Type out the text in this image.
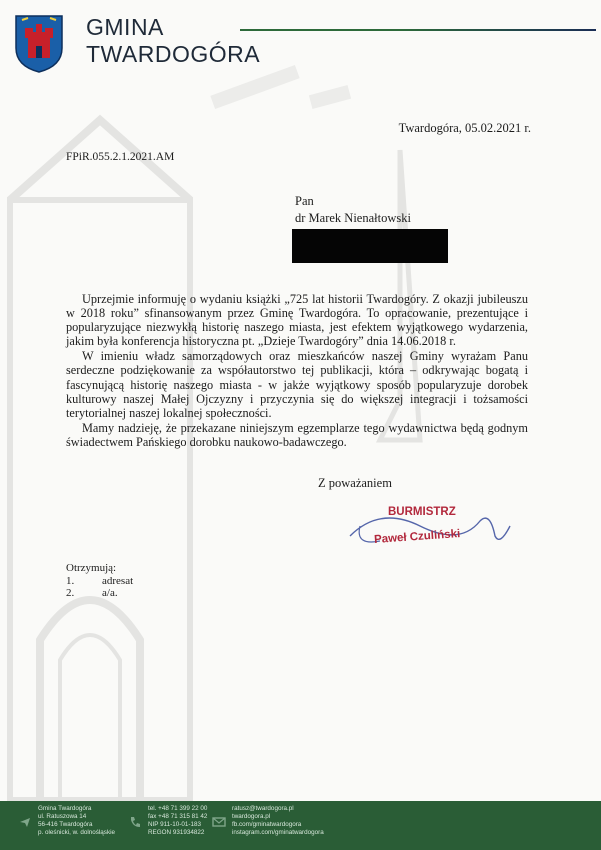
GMINA
TWARDOGÓRA
Twardogóra, 05.02.2021 r.
FPiR.055.2.1.2021.AM
Pan
dr Marek Nienałtowski

Uprzejmie informuję o wydaniu książki „725 lat historii Twardogóry. Z okazji jubileuszu w 2018 roku” sfinansowanym przez Gminę Twardogóra. To opracowanie, prezentujące i popularyzujące niezwykłą historię naszego miasta, jest efektem wyjątkowego wydarzenia, jakim była konferencja historyczna pt. „Dzieje Twardogóry” dnia 14.06.2018 r.

W imieniu władz samorządowych oraz mieszkańców naszej Gminy wyrażam Panu serdeczne podziękowanie za współautorstwo tej publikacji, która – odkrywając bogatą i fascynującą historię naszego miasta - w jakże wyjątkowy sposób popularyzuje dorobek kulturowy naszej Małej Ojczyzny i przyczynia się do większej integracji i tożsamości terytorialnej naszej lokalnej społeczności.

Mamy nadzieję, że przekazane niniejszym egzemplarze tego wydawnictwa będą godnym świadectwem Pańskiego dorobku naukowo-badawczego.

Z poważaniem
BURMISTRZ
Paweł Czuliński
Otrzymują:
1.	adresat
2.	a/a.
Gmina Twardogóra
ul. Ratuszowa 14
56-416 Twardogóra
p. oleśnicki, w. dolnośląskie
tel. +48 71 399 22 00
fax +48 71 315 81 42
NIP 911-10-01-183
REGON 931934822
ratusz@twardogora.pl
twardogora.pl
fb.com/gminatwardogora
instagram.com/gminatwardogora
